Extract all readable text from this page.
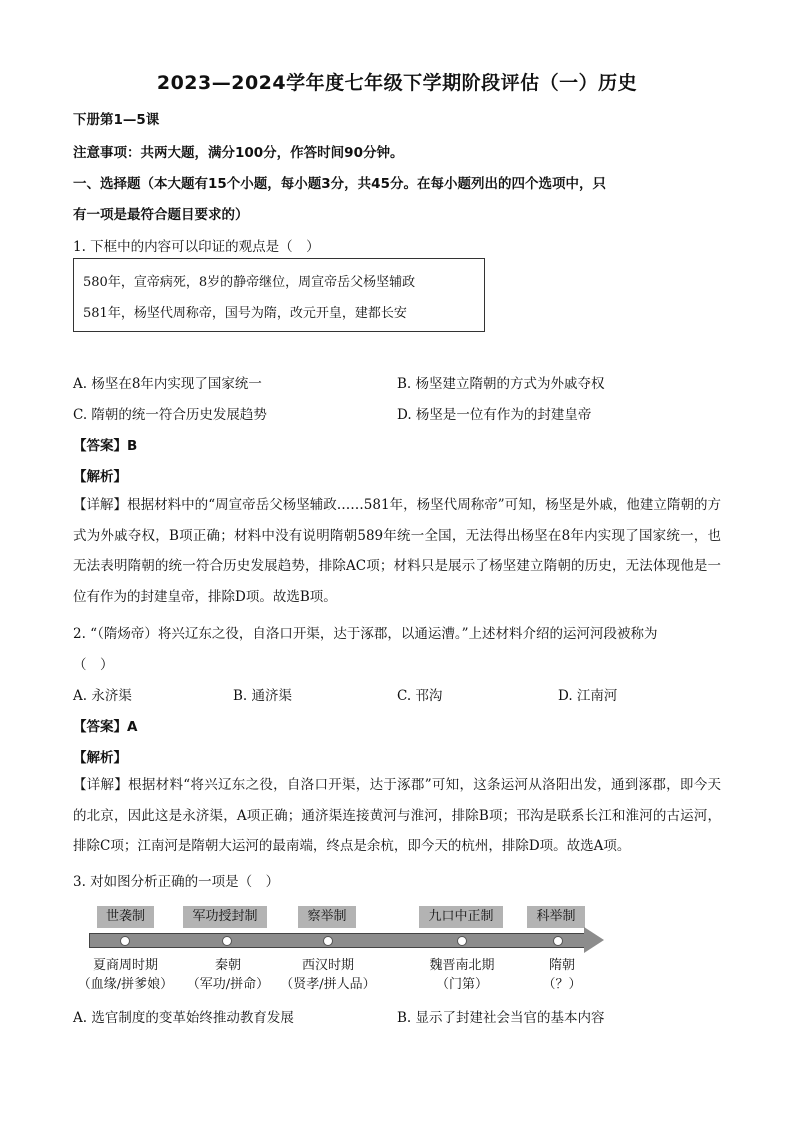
2023—2024学年度七年级下学期阶段评估（一）历史
下册第1—5课
注意事项：共两大题，满分100分，作答时间90分钟。
一、选择题（本大题有15个小题，每小题3分，共45分。在每小题列出的四个选项中，只
有一项是最符合题目要求的）
1. 下框中的内容可以印证的观点是（　）
580年，宣帝病死，8岁的静帝继位，周宣帝岳父杨坚辅政
581年，杨坚代周称帝，国号为隋，改元开皇，建都长安
A. 杨坚在8年内实现了国家统一	B. 杨坚建立隋朝的方式为外戚夺权
C. 隋朝的统一符合历史发展趋势	D. 杨坚是一位有作为的封建皇帝
【答案】B
【解析】
【详解】根据材料中的“周宣帝岳父杨坚辅政……581年，杨坚代周称帝”可知，杨坚是外戚，他建立隋朝的方式为外戚夺权，B项正确；材料中没有说明隋朝589年统一全国，无法得出杨坚在8年内实现了国家统一，也无法表明隋朝的统一符合历史发展趋势，排除AC项；材料只是展示了杨坚建立隋朝的历史，无法体现他是一位有作为的封建皇帝，排除D项。故选B项。
2. “（隋炀帝）将兴辽东之役，自洛口开渠，达于涿郡，以通运漕。”上述材料介绍的运河河段被称为
（　）
A. 永济渠	B. 通济渠	C. 邗沟	D. 江南河
【答案】A
【解析】
【详解】根据材料“将兴辽东之役，自洛口开渠，达于涿郡”可知，这条运河从洛阳出发，通到涿郡，即今天的北京，因此这是永济渠，A项正确；通济渠连接黄河与淮河，排除B项；邗沟是联系长江和淮河的古运河，排除C项；江南河是隋朝大运河的最南端，终点是余杭，即今天的杭州，排除D项。故选A项。
3. 对如图分析正确的一项是（　）
世袭制	军功授封制	察举制	九口中正制	科举制
夏商周时期
（血缘/拼爹娘）
秦朝
（军功/拼命）
西汉时期
（贤孝/拼人品）
魏晋南北期
（门第）
隋朝
（？）
A. 选官制度的变革始终推动教育发展	B. 显示了封建社会当官的基本内容
